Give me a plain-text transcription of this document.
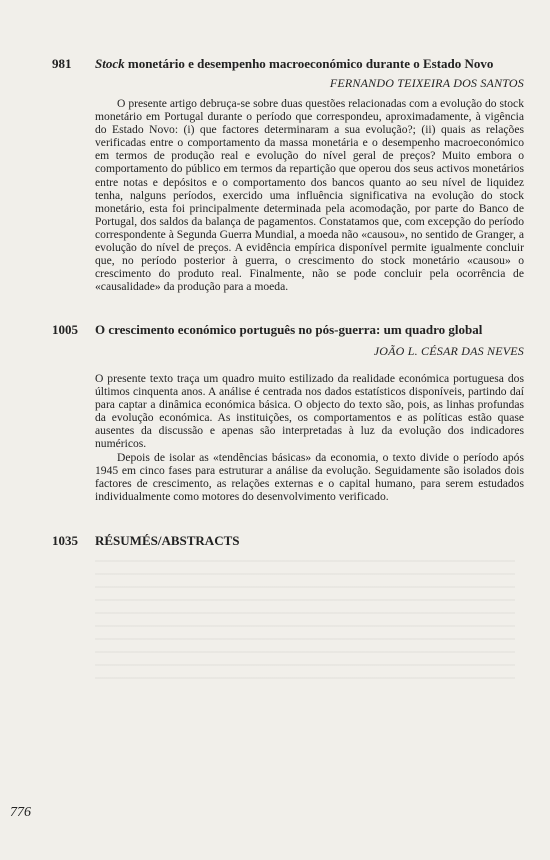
981 Stock monetário e desempenho macroeconómico durante o Estado Novo
FERNANDO TEIXEIRA DOS SANTOS

O presente artigo debruça-se sobre duas questões relacionadas com a evolução do stock monetário em Portugal durante o período que correspondeu, aproximadamente, à vigência do Estado Novo: (i) que factores determinaram a sua evolução?; (ii) quais as relações verificadas entre o comportamento da massa monetária e o desempenho macroeconómico em termos de produção real e evolução do nível geral de preços? Muito embora o comportamento do público em termos da repartição que operou dos seus activos monetários entre notas e depósitos e o comportamento dos bancos quanto ao seu nível de liquidez tenha, nalguns períodos, exercido uma influência significativa na evolução do stock monetário, esta foi principalmente determinada pela acomodação, por parte do Banco de Portugal, dos saldos da balança de pagamentos. Constatamos que, com excepção do período correspondente à Segunda Guerra Mundial, a moeda não «causou», no sentido de Granger, a evolução do nível de preços. A evidência empírica disponível permite igualmente concluir que, no período posterior à guerra, o crescimento do stock monetário «causou» o crescimento do produto real. Finalmente, não se pode concluir pela ocorrência de «causalidade» da produção para a moeda.

1005 O crescimento económico português no pós-guerra: um quadro global
JOÃO L. CÉSAR DAS NEVES

O presente texto traça um quadro muito estilizado da realidade económica portuguesa dos últimos cinquenta anos. A análise é centrada nos dados estatísticos disponíveis, partindo daí para captar a dinâmica económica básica. O objecto do texto são, pois, as linhas profundas da evolução económica. As instituições, os comportamentos e as políticas estão quase ausentes da discussão e apenas são interpretadas à luz da evolução dos indicadores numéricos.

Depois de isolar as «tendências básicas» da economia, o texto divide o período após 1945 em cinco fases para estruturar a análise da evolução. Seguidamente são isolados dois factores de crescimento, as relações externas e o capital humano, para serem estudados individualmente como motores do desenvolvimento verificado.

1035 RÉSUMÉS/ABSTRACTS
776
